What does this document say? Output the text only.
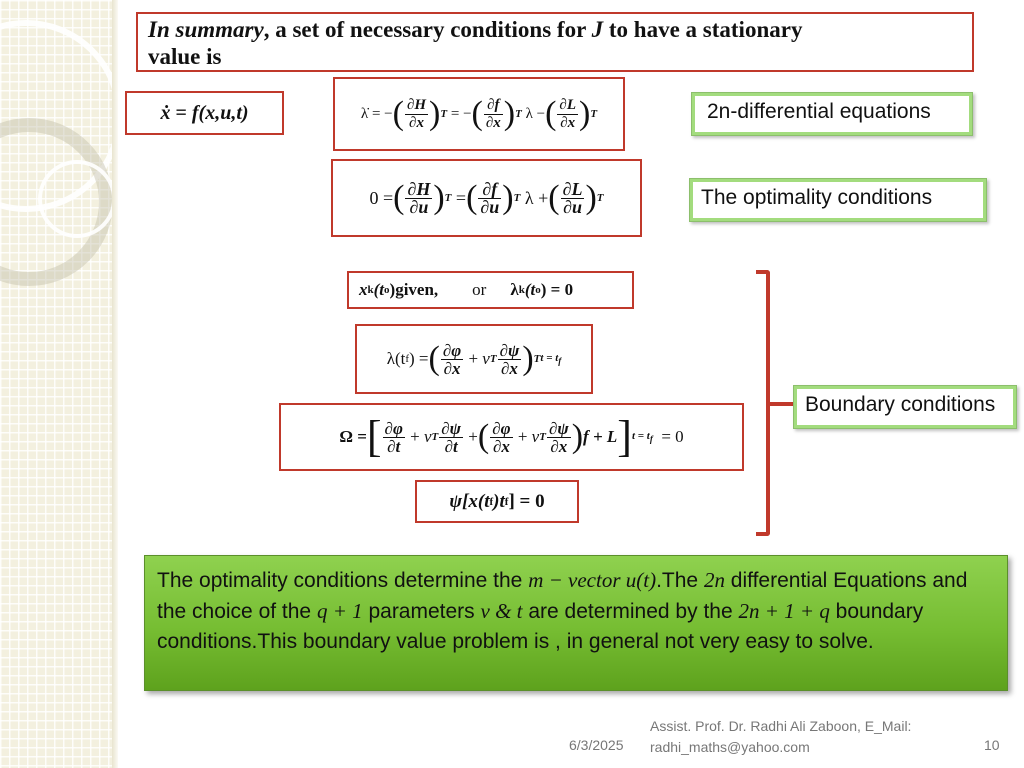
In summary, a set of necessary conditions for J to have a stationary
value is
ẋ = f(x,u,t)	λ̇
= − ( $\frac{\partial H}{\partial x}$ ) T
= − ( $\frac{\partial f}{\partial x}$ ) T
λ
− ( $\frac{\partial L}{\partial x}$ ) T
0
= ( $\frac{\partial H}{\partial u}$ ) T
= ( $\frac{\partial f}{\partial u}$ ) T
λ
+ ( $\frac{\partial L}{\partial u}$ ) T
x k (t o ) given, or λ k (t o ) = 0
λ(t f ) = ( $\frac{\partial\varphi}{\partial x}$
+
ν T $\frac{\partial\psi}{\partial x}$ ) T $t = t_f$
Ω = [ $\frac{\partial\varphi}{\partial t}$
+
ν T $\frac{\partial\psi}{\partial t}$
+ ( $\frac{\partial\varphi}{\partial x}$
+
ν T $\frac{\partial\psi}{\partial x}$ ) f + L ] $t = t_f$
= 0
ψ[x(t f )t f ] = 0
2n-differential equations
The optimality conditions
Boundary conditions
The optimality conditions determine the m − vector u(t).The 2n differential Equations and the choice of the q + 1 parameters v & t are determined by the 2n + 1 + q boundary conditions.This boundary value problem is , in general not very easy to solve.
6/3/2025
Assist. Prof. Dr. Radhi Ali Zaboon, E_Mail:
radhi_maths@yahoo.com	10
